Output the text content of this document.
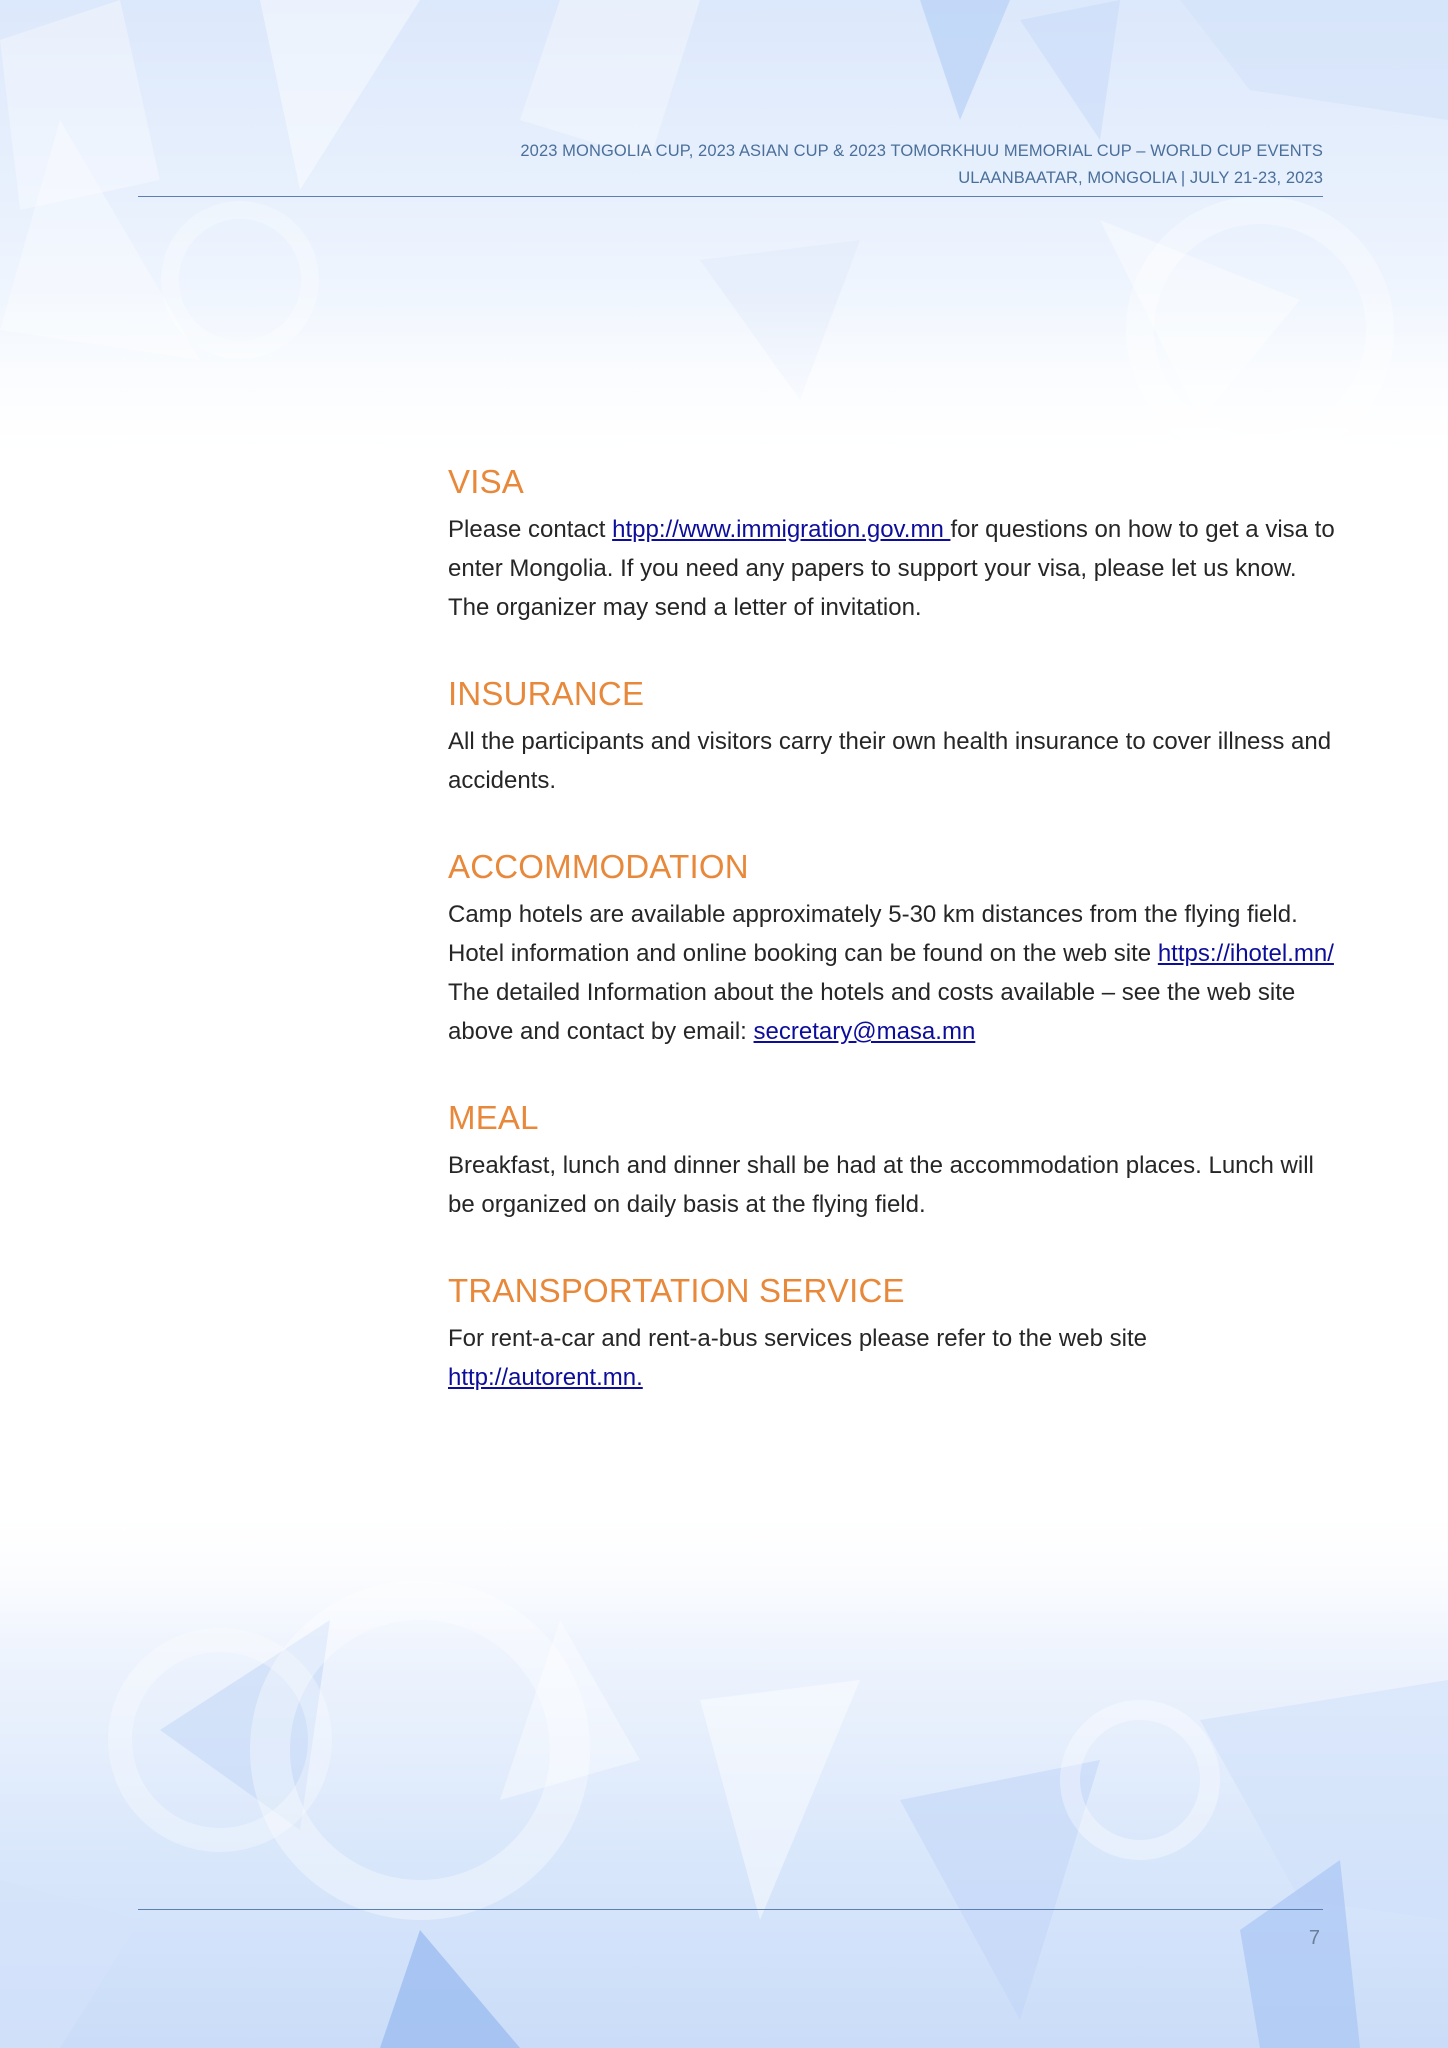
2023 MONGOLIA CUP, 2023 ASIAN CUP & 2023 TOMORKHUU MEMORIAL CUP – WORLD CUP EVENTS
ULAANBAATAR, MONGOLIA | JULY 21-23, 2023
VISA

Please contact htpp://www.immigration.gov.mn for questions on how to get a visa to enter Mongolia. If you need any papers to support your visa, please let us know. The organizer may send a letter of invitation.

INSURANCE

All the participants and visitors carry their own health insurance to cover illness and accidents.

ACCOMMODATION

Camp hotels are available approximately 5-30 km distances from the flying field. Hotel information and online booking can be found on the web site https://ihotel.mn/ The detailed Information about the hotels and costs available – see the web site above and contact by email: secretary@masa.mn

MEAL

Breakfast, lunch and dinner shall be had at the accommodation places. Lunch will be organized on daily basis at the flying field.

TRANSPORTATION SERVICE

For rent-a-car and rent-a-bus services please refer to the web site http://autorent.mn.

7
